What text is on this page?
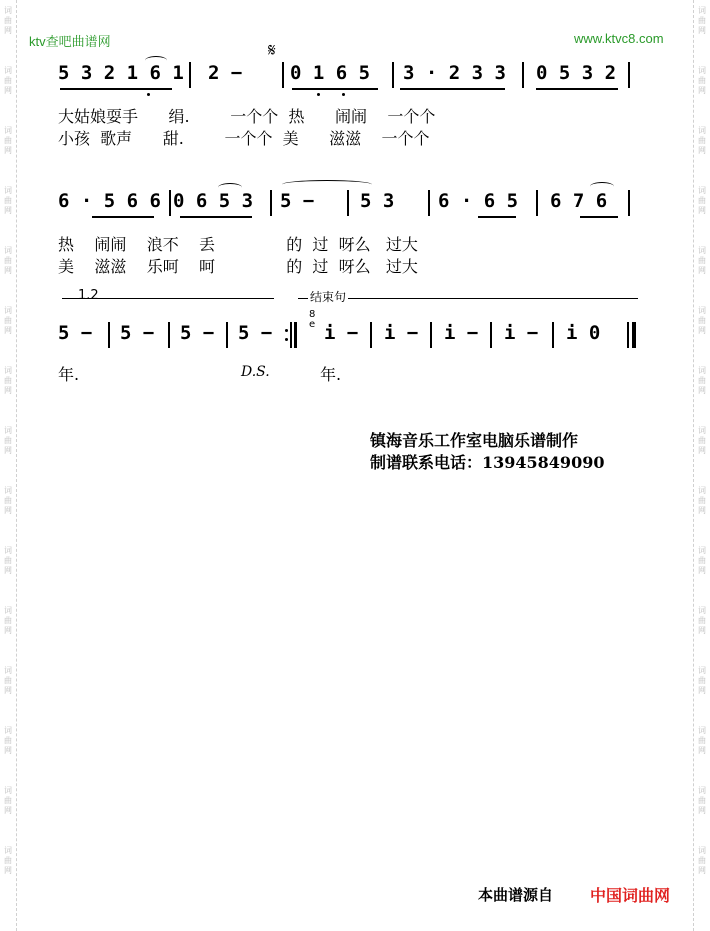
词
曲
网
词
曲
网
词
曲
网
词
曲
网
词
曲
网
词
曲
网
词
曲
网
词
曲
网
词
曲
网
词
曲
网
词
曲
网
词
曲
网
词
曲
网
词
曲
网
词
曲
网
词
曲
网
词
曲
网
词
曲
网
词
曲
网
词
曲
网
词
曲
网
词
曲
网
词
曲
网
词
曲
网
词
曲
网
词
曲
网
词
曲
网
词
曲
网
词
曲
网
词
曲
网
ktv查吧曲谱网	www.ktvc8.com
𝄋
5 3 2 1 6 1 2 −	0 1 6 5 3 · 2 3 3 0 5 3 2
大姑娘耍手      绢.        一个个  热      闹闹    一个个
小孩  歌声      甜.        一个个  美      滋滋    一个个
6 · 5 6 6 0 6 5 3 5 − 5 3 6 · 6 5 6 7 6
热    闹闹    浪不    丢              的  过  呀么   过大
美    滋滋    乐呵    呵              的  过  呀么   过大
1.2	结束句
8
e
5 − 5 − 5 − 5 −	i − i − i − i − i 0
年.	D.S.	年.
镇海音乐工作室电脑乐谱制作
制谱联系电话：13945849090
本曲谱源自 中国词曲网
